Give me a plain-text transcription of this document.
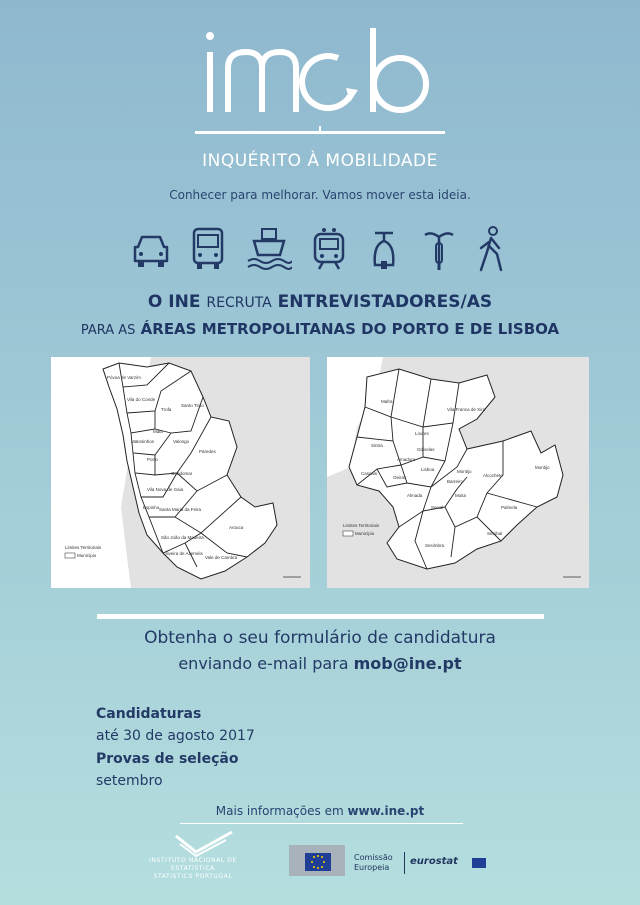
INQUÉRITO À MOBILIDADE
Conhecer para melhorar. Vamos mover esta ideia.
O INE RECRUTA ENTREVISTADORES/AS
PARA AS ÁREAS METROPOLITANAS DO PORTO E DE LISBOA
Póvoa de Varzim
Vila do Conde
Trofa
Santo Tirso
Maia
Matosinhos	Valongo
Paredes
Porto
Gondomar
Vila Nova de Gaia
Espinho Santa Maria da Feira
Arouca
São João da Madeira
Oliveira de Azeméis
Vale de Cambra
Limites Territoriais
Município
Mafra
Vila Franca de Xira
Loures
Sintra
Odivelas
Amadora
Lisboa
Cascais
Oeiras
Almada
Seixal
Barreiro
Moita
Montijo
Alcochete
Palmela
Sesimbra
Setúbal
Limites Territoriais
Município
Montijo
Obtenha o seu formulário de candidatura
enviando e-mail para mob@ine.pt
Candidaturas
até 30 de agosto 2017
Provas de seleção
setembro
Mais informações em www.ine.pt
INSTITUTO NACIONAL DE ESTATÍSTICA
STATISTICS PORTUGAL
Comissão
Europeia
eurostat
